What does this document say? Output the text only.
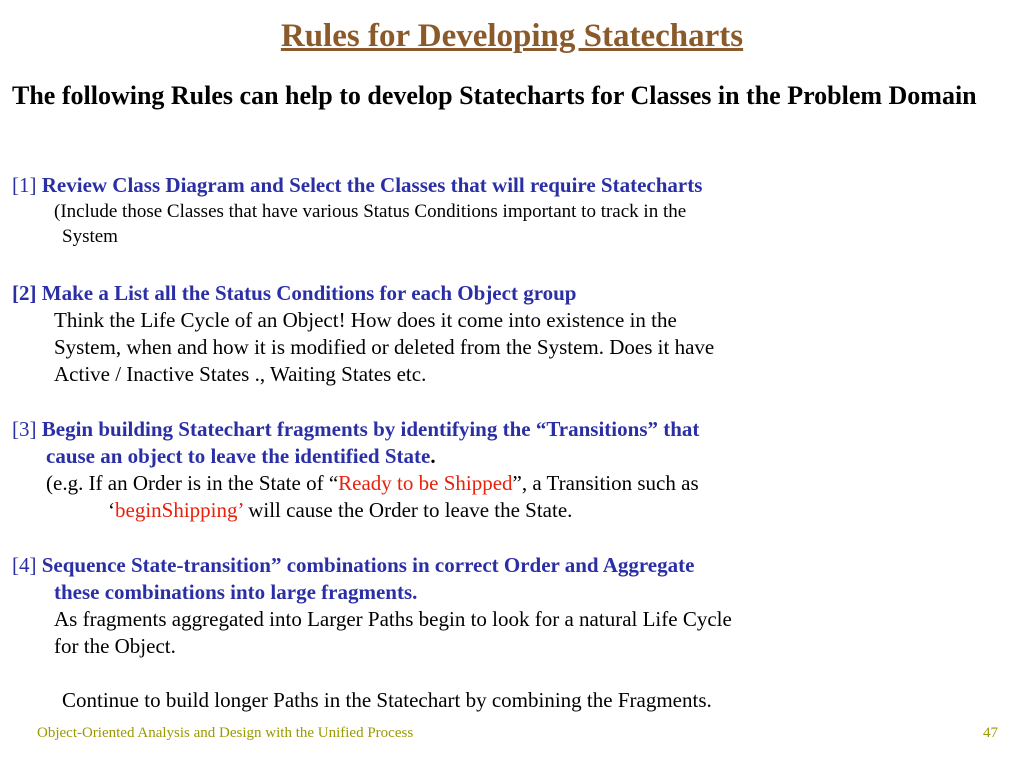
Rules for Developing Statecharts

The following Rules can help to develop Statecharts for Classes in the Problem Domain

[1] Review Class Diagram and Select the Classes that will require Statecharts
(Include those Classes that have various Status Conditions important to track in the
System
[2] Make a List all the Status Conditions for each Object group
Think the Life Cycle of an Object! How does it come into existence in the
System, when and how it is modified or deleted from the System. Does it have
Active / Inactive States ., Waiting States etc.
[3] Begin building Statechart fragments by identifying the “Transitions” that
cause an object to leave the identified State.
(e.g. If an Order is in the State of “Ready to be Shipped”, a Transition such as
‘beginShipping’ will cause the Order to leave the State.
[4] Sequence State-transition” combinations in correct Order and Aggregate
these combinations into large fragments.
As fragments aggregated into Larger Paths begin to look for a natural Life Cycle
for the Object.
Continue to build longer Paths in the Statechart by combining the Fragments.
Object-Oriented Analysis and Design with the Unified Process	47
